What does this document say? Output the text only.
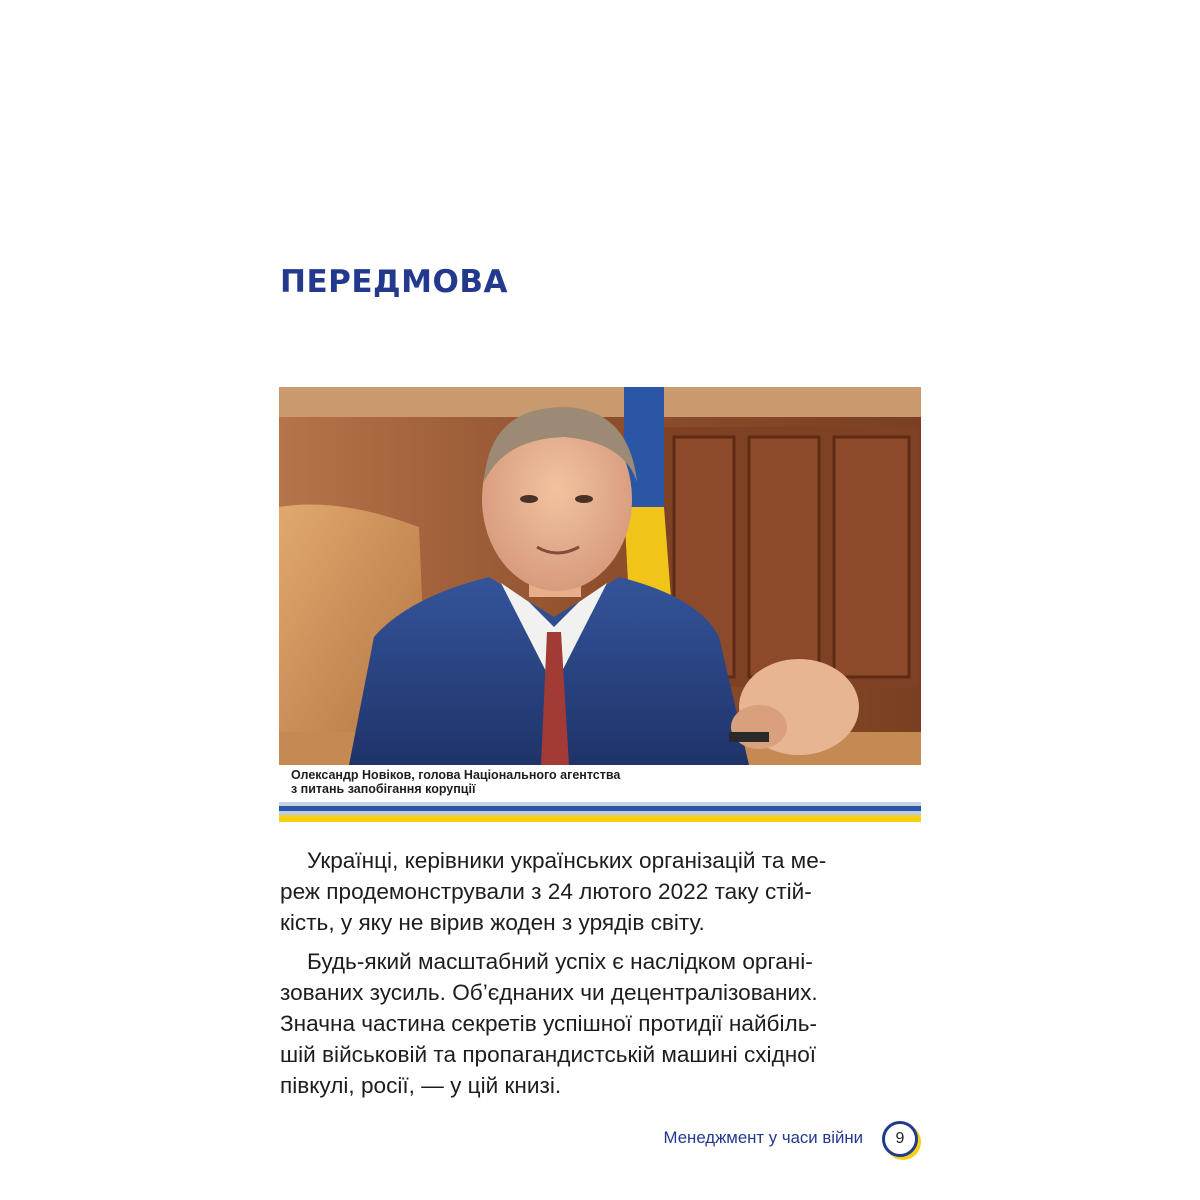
ПЕРЕДМОВА
Олександр Новіков, голова Національного агентства
з питань запобігання корупції

Українці, керівники українських організацій та ме-
реж продемонстрували з 24 лютого 2022 таку стій-
кість, у яку не вірив жоден з урядів світу.

Будь-який масштабний успіх є наслідком органі-
зованих зусиль. Об’єднаних чи децентралізованих.
Значна частина секретів успішної протидії найбіль-
шій військовій та пропагандистській машині східної
півкулі, росії, — у цій книзі.

Менеджмент у часи війни	9
